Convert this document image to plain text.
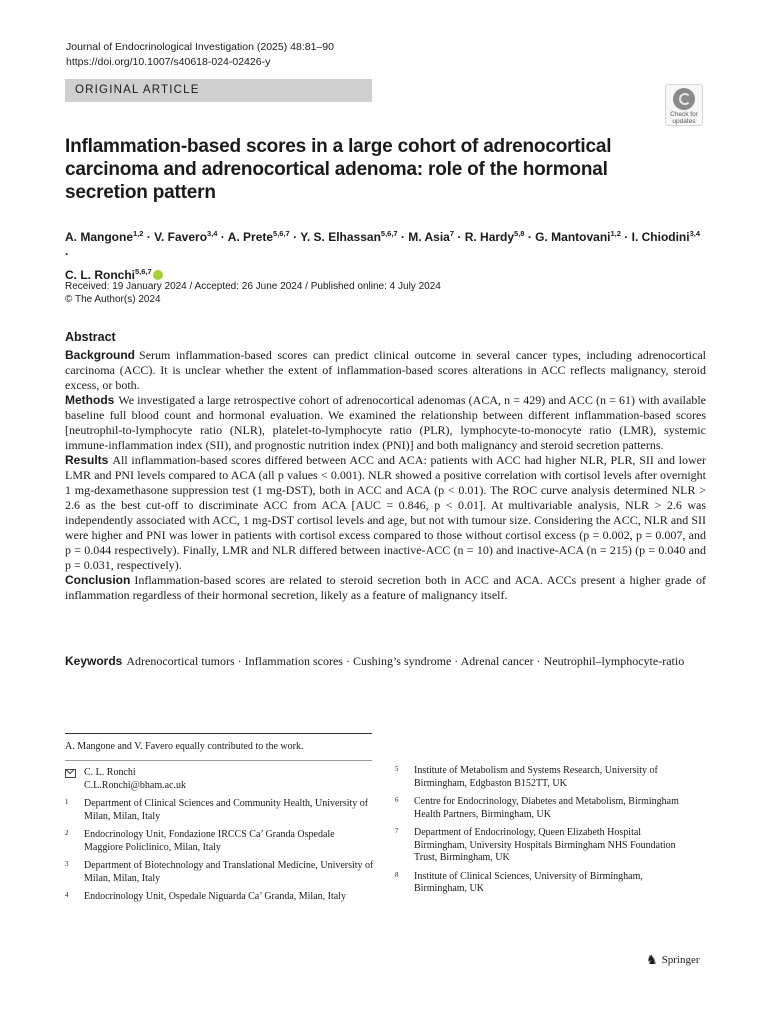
Journal of Endocrinological Investigation (2025) 48:81–90
https://doi.org/10.1007/s40618-024-02426-y
ORIGINAL ARTICLE
Check for
updates
Inflammation-based scores in a large cohort of adrenocortical carcinoma and adrenocortical adenoma: role of the hormonal secretion pattern
A. Mangone$^{1,2}$ · V. Favero$^{3,4}$ · A. Prete$^{5,6,7}$ · Y. S. Elhassan$^{5,6,7}$ · M. Asia$^7$ · R. Hardy$^{5,8}$ · G. Mantovani$^{1,2}$ · I. Chiodini$^{3,4}$ ·
C. L. Ronchi$^{5,6,7}$
Received: 19 January 2024 / Accepted: 26 June 2024 / Published online: 4 July 2024
© The Author(s) 2024
Abstract

Background Serum inflammation-based scores can predict clinical outcome in several cancer types, including adrenocortical carcinoma (ACC). It is unclear whether the extent of inflammation-based scores alterations in ACC reflects malignancy, steroid excess, or both.

Methods We investigated a large retrospective cohort of adrenocortical adenomas (ACA, n = 429) and ACC (n = 61) with available baseline full blood count and hormonal evaluation. We examined the relationship between different inflammation-based scores [neutrophil-to-lymphocyte ratio (NLR), platelet-to-lymphocyte ratio (PLR), lymphocyte-to-monocyte ratio (LMR), systemic immune-inflammation index (SII), and prognostic nutrition index (PNI)] and both malignancy and steroid secretion patterns.

Results All inflammation-based scores differed between ACC and ACA: patients with ACC had higher NLR, PLR, SII and lower LMR and PNI levels compared to ACA (all p values < 0.001). NLR showed a positive correlation with cortisol levels after overnight 1 mg-dexamethasone suppression test (1 mg-DST), both in ACC and ACA (p < 0.01). The ROC curve analysis determined NLR > 2.6 as the best cut-off to discriminate ACC from ACA [AUC = 0.846, p < 0.01]. At multivariable analysis, NLR > 2.6 was independently associated with ACC, 1 mg-DST cortisol levels and age, but not with tumour size. Considering the ACC, NLR and SII were higher and PNI was lower in patients with cortisol excess compared to those without cortisol excess (p = 0.002, p = 0.007, and p = 0.044 respectively). Finally, LMR and NLR differed between inactive-ACC (n = 10) and inactive-ACA (n = 215) (p = 0.040 and p = 0.031, respectively).

Conclusion Inflammation-based scores are related to steroid secretion both in ACC and ACA. ACCs present a higher grade of inflammation regardless of their hormonal secretion, likely as a feature of malignancy itself.

Keywords Adrenocortical tumors · Inflammation scores · Cushing’s syndrome · Adrenal cancer · Neutrophil–lymphocyte-ratio
A. Mangone and V. Favero equally contributed to the work.
C. L. Ronchi
C.L.Ronchi@bham.ac.uk
1	Department of Clinical Sciences and Community Health, University of Milan, Milan, Italy
2	Endocrinology Unit, Fondazione IRCCS Ca’ Granda Ospedale Maggiore Policlinico, Milan, Italy
3	Department of Biotechnology and Translational Medicine, University of Milan, Milan, Italy
4	Endocrinology Unit, Ospedale Niguarda Ca’ Granda, Milan, Italy
5	Institute of Metabolism and Systems Research, University of Birmingham, Edgbaston B152TT, UK
6	Centre for Endocrinology, Diabetes and Metabolism, Birmingham Health Partners, Birmingham, UK
7	Department of Endocrinology, Queen Elizabeth Hospital Birmingham, University Hospitals Birmingham NHS Foundation Trust, Birmingham, UK
8	Institute of Clinical Sciences, University of Birmingham, Birmingham, UK
♞ Springer
